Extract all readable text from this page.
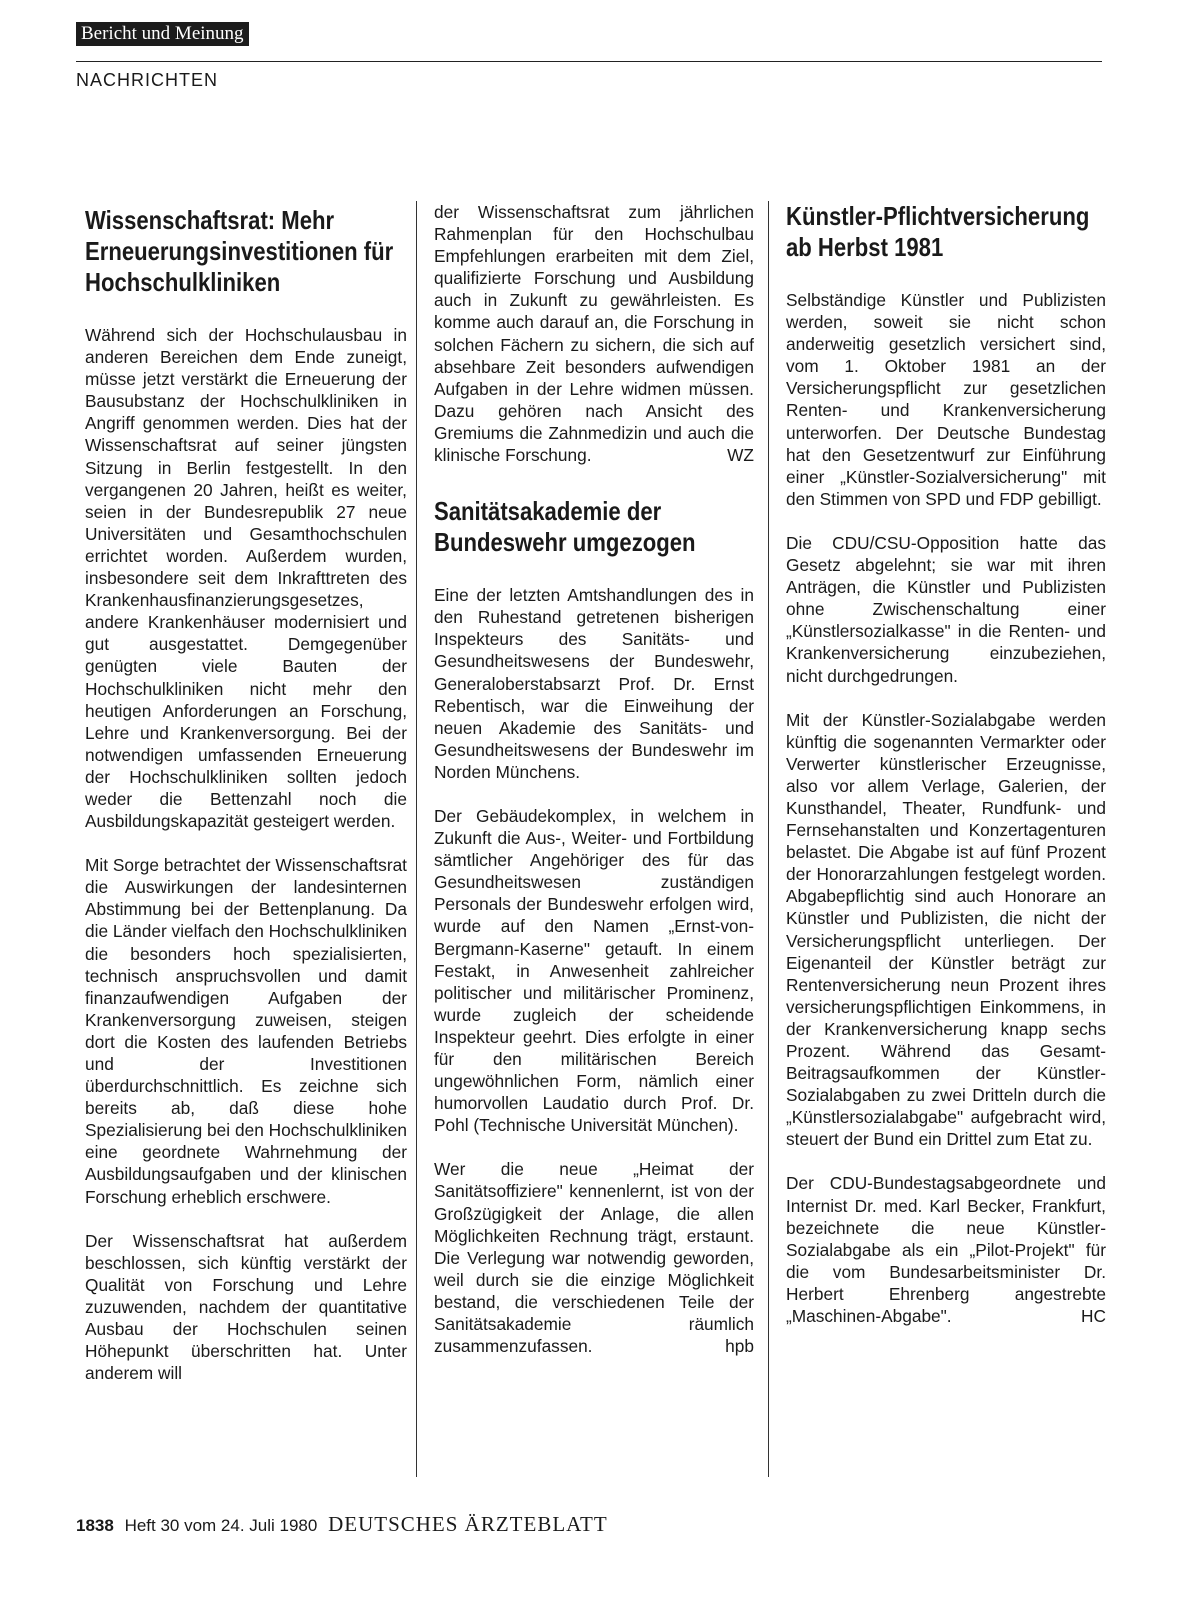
Bericht und Meinung
NACHRICHTEN
Wissenschaftsrat: Mehr Erneuerungsinvestitionen für Hochschulkliniken

Während sich der Hochschulausbau in anderen Bereichen dem Ende zuneigt, müsse jetzt verstärkt die Erneuerung der Bausubstanz der Hochschulkliniken in Angriff genommen werden. Dies hat der Wissenschaftsrat auf seiner jüngsten Sitzung in Berlin festgestellt. In den vergangenen 20 Jahren, heißt es weiter, seien in der Bundesrepublik 27 neue Universitäten und Gesamthochschulen errichtet worden. Außerdem wurden, insbesondere seit dem Inkrafttreten des Krankenhausfinanzierungsgesetzes, andere Krankenhäuser modernisiert und gut ausgestattet. Demgegenüber genügten viele Bauten der Hochschulkliniken nicht mehr den heutigen Anforderungen an Forschung, Lehre und Krankenversorgung. Bei der notwendigen umfassenden Erneuerung der Hochschulkliniken sollten jedoch weder die Bettenzahl noch die Ausbildungskapazität gesteigert werden.

Mit Sorge betrachtet der Wissenschaftsrat die Auswirkungen der landesinternen Abstimmung bei der Bettenplanung. Da die Länder vielfach den Hochschulkliniken die besonders hoch spezialisierten, technisch anspruchsvollen und damit finanzaufwendigen Aufgaben der Krankenversorgung zuweisen, steigen dort die Kosten des laufenden Betriebs und der Investitionen überdurchschnittlich. Es zeichne sich bereits ab, daß diese hohe Spezialisierung bei den Hochschulkliniken eine geordnete Wahrnehmung der Ausbildungsaufgaben und der klinischen Forschung erheblich erschwere.

Der Wissenschaftsrat hat außerdem beschlossen, sich künftig verstärkt der Qualität von Forschung und Lehre zuzuwenden, nachdem der quantitative Ausbau der Hochschulen seinen Höhepunkt überschritten hat. Unter anderem will

der Wissenschaftsrat zum jährlichen Rahmenplan für den Hochschulbau Empfehlungen erarbeiten mit dem Ziel, qualifizierte Forschung und Ausbildung auch in Zukunft zu gewährleisten. Es komme auch darauf an, die Forschung in solchen Fächern zu sichern, die sich auf absehbare Zeit besonders aufwendigen Aufgaben in der Lehre widmen müssen. Dazu gehören nach Ansicht des Gremiums die Zahnmedizin und auch die klinische Forschung.	WZ

Sanitätsakademie der Bundeswehr umgezogen

Eine der letzten Amtshandlungen des in den Ruhestand getretenen bisherigen Inspekteurs des Sanitäts- und Gesundheitswesens der Bundeswehr, Generaloberstabsarzt Prof. Dr. Ernst Rebentisch, war die Einweihung der neuen Akademie des Sanitäts- und Gesundheitswesens der Bundeswehr im Norden Münchens.

Der Gebäudekomplex, in welchem in Zukunft die Aus-, Weiter- und Fortbildung sämtlicher Angehöriger des für das Gesundheitswesen zuständigen Personals der Bundeswehr erfolgen wird, wurde auf den Namen „Ernst-von-Bergmann-Kaserne" getauft. In einem Festakt, in Anwesenheit zahlreicher politischer und militärischer Prominenz, wurde zugleich der scheidende Inspekteur geehrt. Dies erfolgte in einer für den militärischen Bereich ungewöhnlichen Form, nämlich einer humorvollen Laudatio durch Prof. Dr. Pohl (Technische Universität München).

Wer die neue „Heimat der Sanitätsoffiziere" kennenlernt, ist von der Großzügigkeit der Anlage, die allen Möglichkeiten Rechnung trägt, erstaunt. Die Verlegung war notwendig geworden, weil durch sie die einzige Möglichkeit bestand, die verschiedenen Teile der Sanitätsakademie räumlich zusammenzufassen.	hpb

Künstler-Pflichtversicherung ab Herbst 1981

Selbständige Künstler und Publizisten werden, soweit sie nicht schon anderweitig gesetzlich versichert sind, vom 1. Oktober 1981 an der Versicherungspflicht zur gesetzlichen Renten- und Krankenversicherung unterworfen. Der Deutsche Bundestag hat den Gesetzentwurf zur Einführung einer „Künstler-Sozialversicherung" mit den Stimmen von SPD und FDP gebilligt.

Die CDU/CSU-Opposition hatte das Gesetz abgelehnt; sie war mit ihren Anträgen, die Künstler und Publizisten ohne Zwischenschaltung einer „Künstlersozialkasse" in die Renten- und Krankenversicherung einzubeziehen, nicht durchgedrungen.

Mit der Künstler-Sozialabgabe werden künftig die sogenannten Vermarkter oder Verwerter künstlerischer Erzeugnisse, also vor allem Verlage, Galerien, der Kunsthandel, Theater, Rundfunk- und Fernsehanstalten und Konzertagenturen belastet. Die Abgabe ist auf fünf Prozent der Honorarzahlungen festgelegt worden. Abgabepflichtig sind auch Honorare an Künstler und Publizisten, die nicht der Versicherungspflicht unterliegen. Der Eigenanteil der Künstler beträgt zur Rentenversicherung neun Prozent ihres versicherungspflichtigen Einkommens, in der Krankenversicherung knapp sechs Prozent. Während das Gesamt-Beitragsaufkommen der Künstler-Sozialabgaben zu zwei Dritteln durch die „Künstlersozialabgabe" aufgebracht wird, steuert der Bund ein Drittel zum Etat zu.

Der CDU-Bundestagsabgeordnete und Internist Dr. med. Karl Becker, Frankfurt, bezeichnete die neue Künstler-Sozialabgabe als ein „Pilot-Projekt" für die vom Bundesarbeitsminister Dr. Herbert Ehrenberg angestrebte „Maschinen-Abgabe".	HC

1838 Heft 30 vom 24. Juli 1980 DEUTSCHES ÄRZTEBLATT
